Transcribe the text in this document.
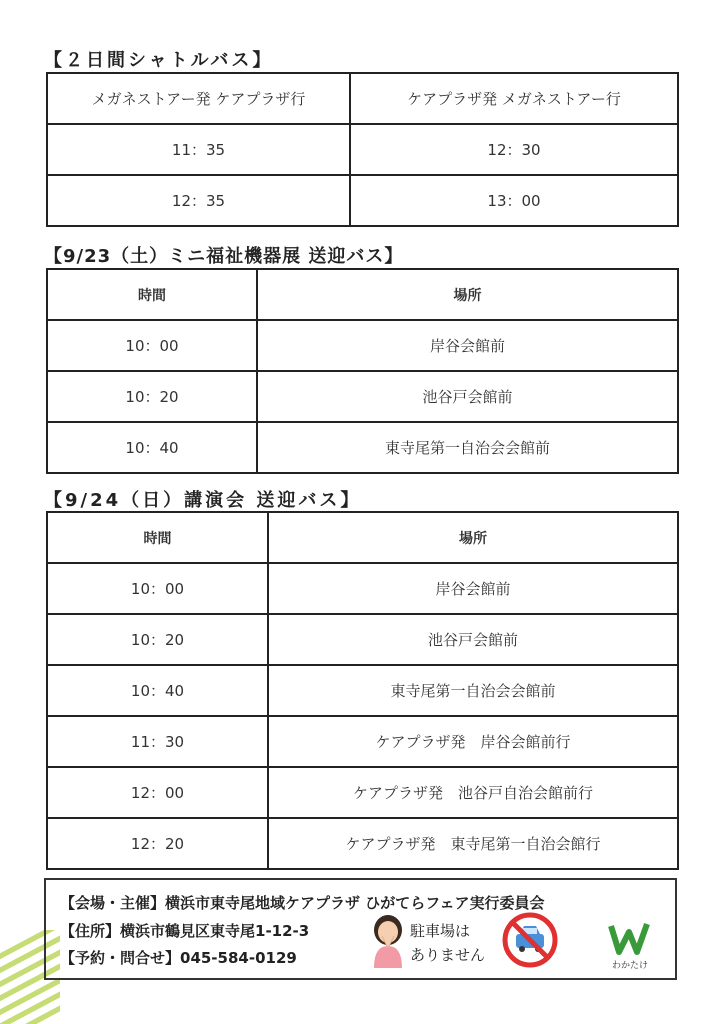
【２日間シャトルバス】
メガネストアー発 ケアプラザ行	ケアプラザ発 メガネストアー行
11：35	12：30
12：35	13：00
【9/23（土）ミニ福祉機器展 送迎バス】
時間	場所
10：00	岸谷会館前
10：20	池谷戸会館前
10：40	東寺尾第一自治会会館前
【9/24（日）講演会 送迎バス】
時間	場所
10：00	岸谷会館前
10：20	池谷戸会館前
10：40	東寺尾第一自治会会館前
11：30	ケアプラザ発　岸谷会館前行
12：00	ケアプラザ発　池谷戸自治会館前行
12：20	ケアプラザ発　東寺尾第一自治会館行
【会場・主催】横浜市東寺尾地域ケアプラザ ひがてらフェア実行委員会
【住所】横浜市鶴見区東寺尾1-12-3
【予約・問合せ】045-584-0129
駐車場は
ありません
わかたけ
